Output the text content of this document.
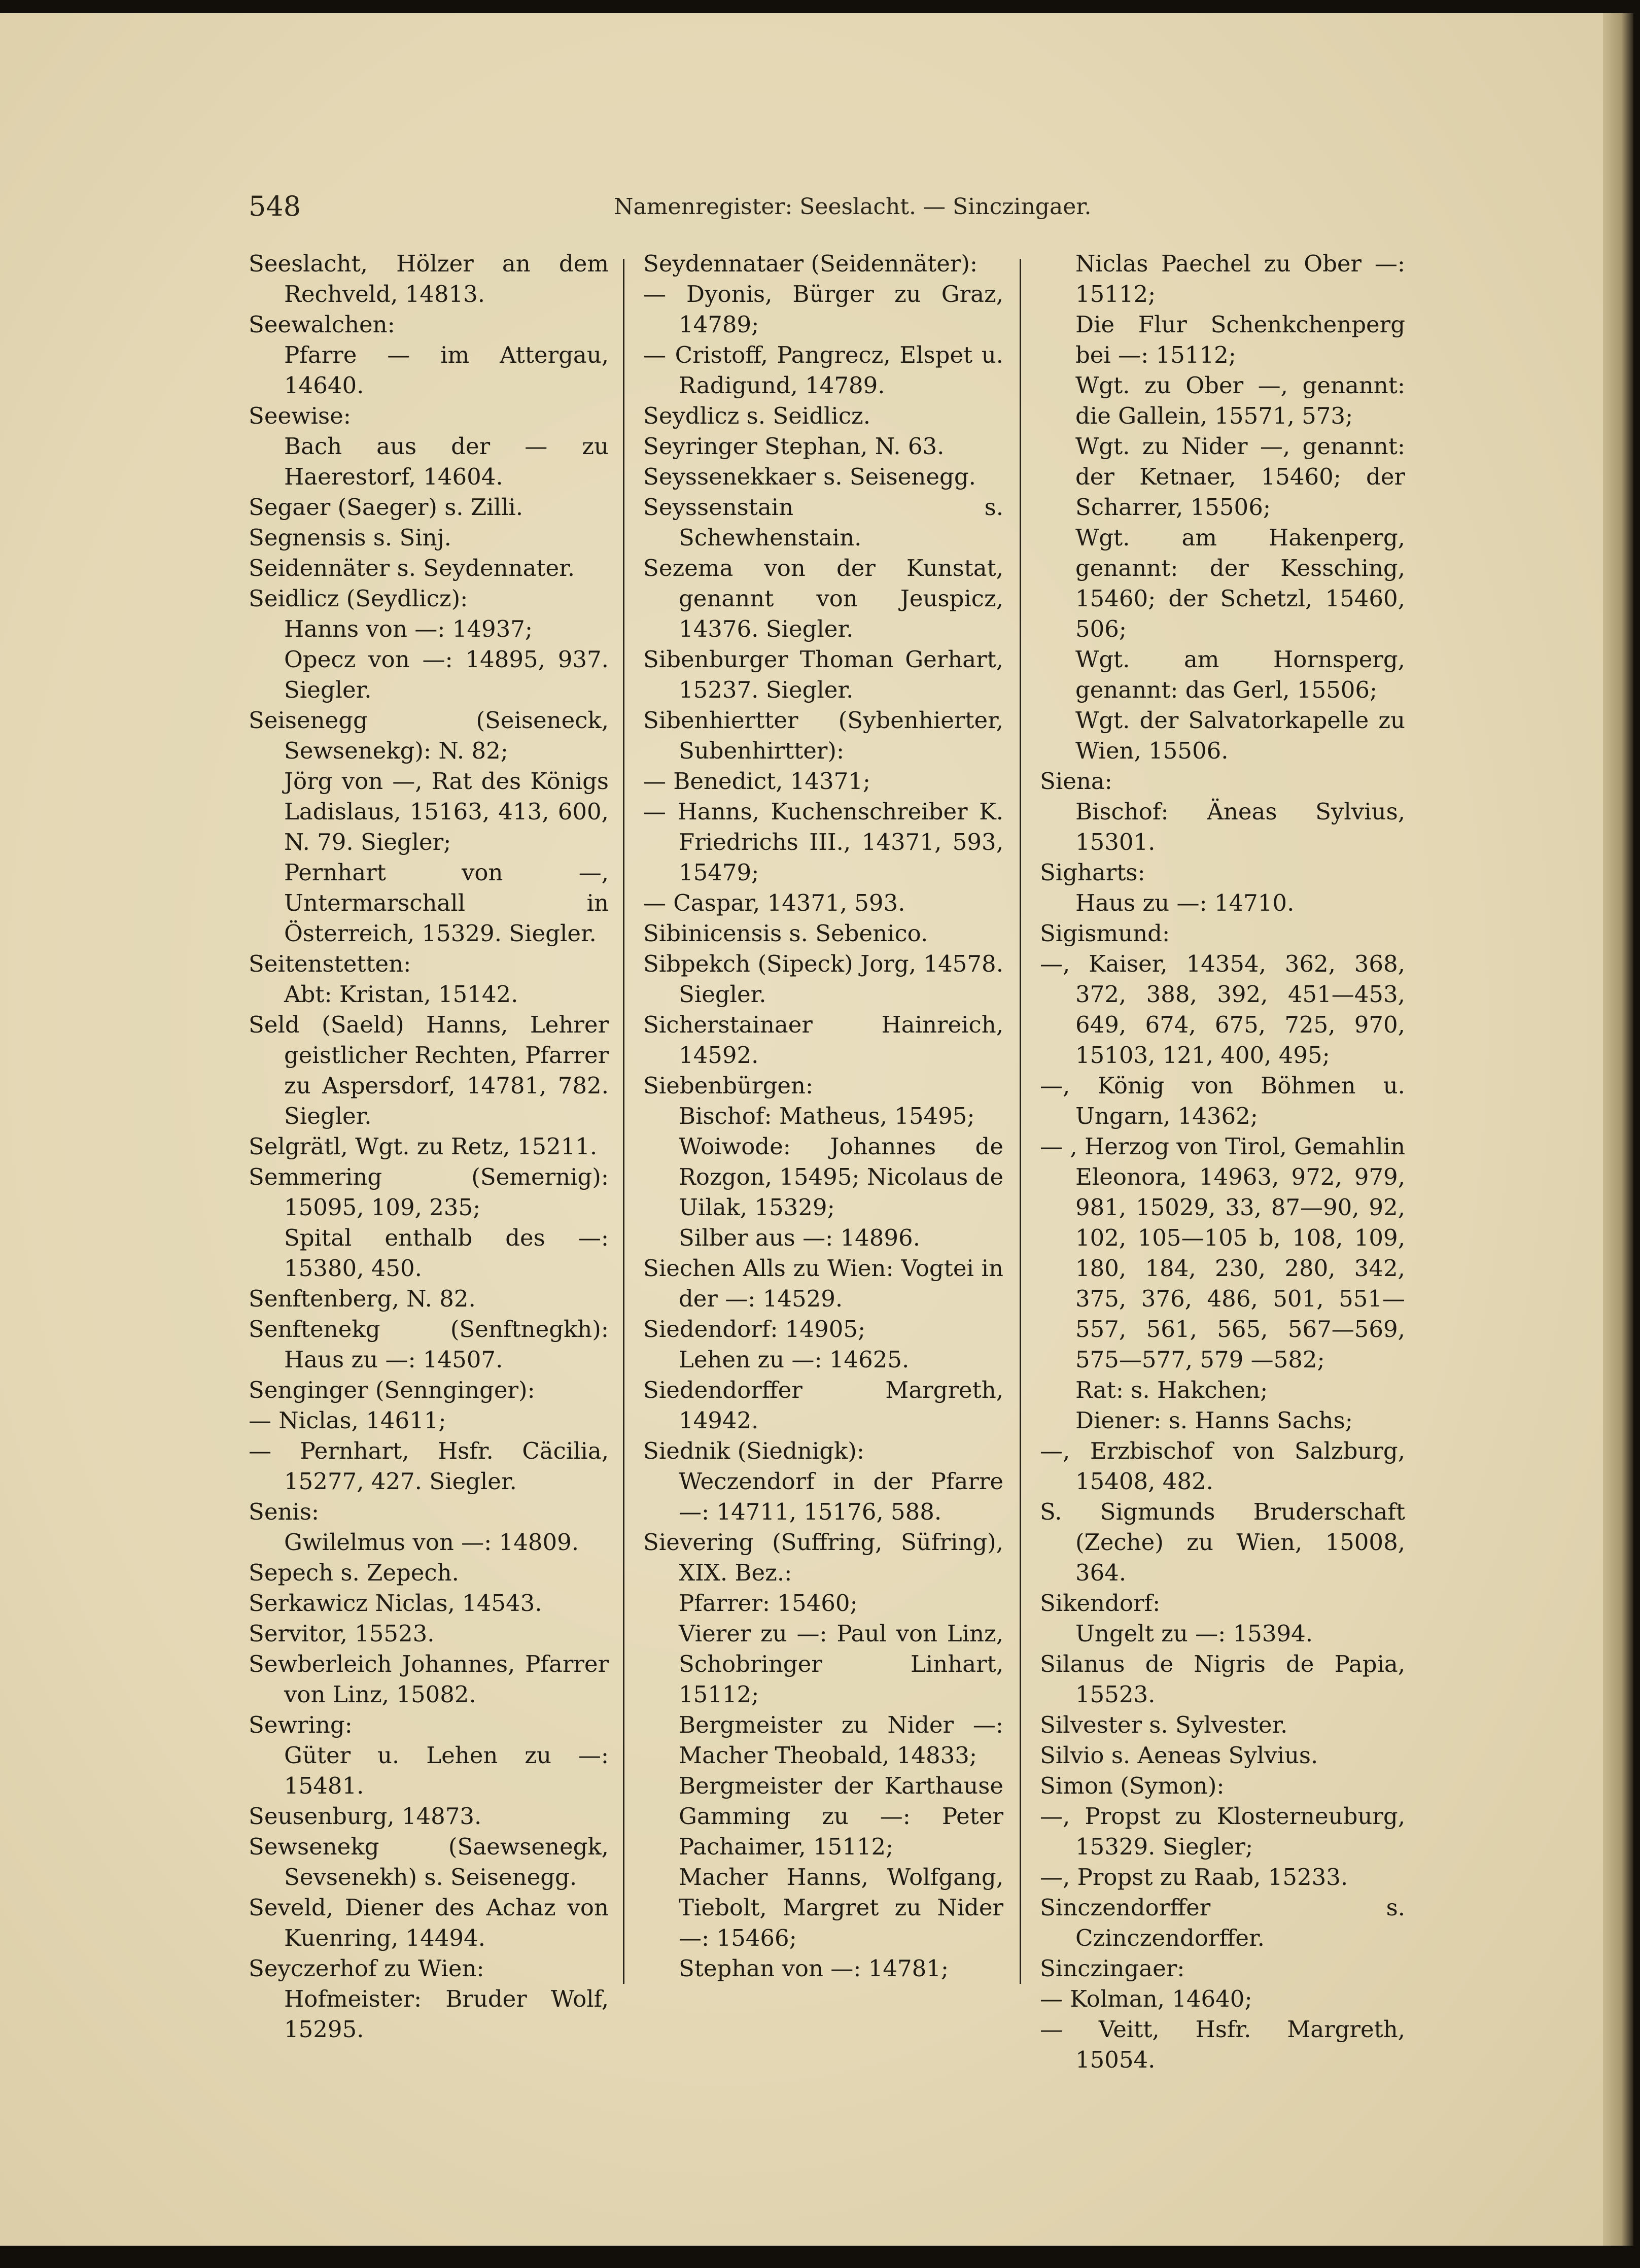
548	Namenregister: Seeslacht. — Sinczingaer.
Seeslacht, Hölzer an dem Rechveld, 14813.
Seewalchen:
Pfarre — im Attergau, 14640.
Seewise:
Bach aus der — zu Haerestorf, 14604.
Segaer (Saeger) s. Zilli.
Segnensis s. Sinj.
Seidennäter s. Seydennater.
Seidlicz (Seydlicz):
Hanns von —: 14937;
Opecz von —: 14895, 937. Siegler.
Seisenegg (Seiseneck, Sewsenekg): N. 82;
Jörg von —, Rat des Königs Ladislaus, 15163, 413, 600, N. 79. Siegler;
Pernhart von —, Untermarschall in Österreich, 15329. Siegler.
Seitenstetten:
Abt: Kristan, 15142.
Seld (Saeld) Hanns, Lehrer geistlicher Rechten, Pfarrer zu Aspersdorf, 14781, 782. Siegler.
Selgrätl, Wgt. zu Retz, 15211.
Semmering (Semernig): 15095, 109, 235;
Spital enthalb des —: 15380, 450.
Senftenberg, N. 82.
Senftenekg (Senftnegkh): Haus zu —: 14507.
Senginger (Sennginger):
— Niclas, 14611;
— Pernhart, Hsfr. Cäcilia, 15277, 427. Siegler.
Senis:
Gwilelmus von —: 14809.
Sepech s. Zepech.
Serkawicz Niclas, 14543.
Servitor, 15523.
Sewberleich Johannes, Pfarrer von Linz, 15082.
Sewring:
Güter u. Lehen zu —: 15481.
Seusenburg, 14873.
Sewsenekg (Saewsenegk, Sevsenekh) s. Seisenegg.
Seveld, Diener des Achaz von Kuenring, 14494.
Seyczerhof zu Wien:
Hofmeister: Bruder Wolf, 15295.
Seydennataer (Seidennäter):
— Dyonis, Bürger zu Graz, 14789;
— Cristoff, Pangrecz, Elspet u. Radigund, 14789.
Seydlicz s. Seidlicz.
Seyringer Stephan, N. 63.
Seyssenekkaer s. Seisenegg.
Seyssenstain s. Schewhenstain.
Sezema von der Kunstat, genannt von Jeuspicz, 14376. Siegler.
Sibenburger Thoman Gerhart, 15237. Siegler.
Sibenhiertter (Sybenhierter, Subenhirtter):
— Benedict, 14371;
— Hanns, Kuchenschreiber K. Friedrichs III., 14371, 593, 15479;
— Caspar, 14371, 593.
Sibinicensis s. Sebenico.
Sibpekch (Sipeck) Jorg, 14578. Siegler.
Sicherstainaer Hainreich, 14592.
Siebenbürgen:
Bischof: Matheus, 15495;
Woiwode: Johannes de Rozgon, 15495; Nicolaus de Uilak, 15329;
Silber aus —: 14896.
Siechen Alls zu Wien: Vogtei in der —: 14529.
Siedendorf: 14905;
Lehen zu —: 14625.
Siedendorffer Margreth, 14942.
Siednik (Siednigk):
Weczendorf in der Pfarre —: 14711, 15176, 588.
Sievering (Suffring, Süfring), XIX. Bez.:
Pfarrer: 15460;
Vierer zu —: Paul von Linz, Schobringer Linhart, 15112;
Bergmeister zu Nider —: Macher Theobald, 14833;
Bergmeister der Karthause Gamming zu —: Peter Pachaimer, 15112;
Macher Hanns, Wolfgang, Tiebolt, Margret zu Nider —: 15466;
Stephan von —: 14781;
Niclas Paechel zu Ober —: 15112;
Die Flur Schenkchenperg bei —: 15112;
Wgt. zu Ober —, genannt: die Gallein, 15571, 573;
Wgt. zu Nider —, genannt: der Ketnaer, 15460; der Scharrer, 15506;
Wgt. am Hakenperg, genannt: der Kessching, 15460; der Schetzl, 15460, 506;
Wgt. am Hornsperg, genannt: das Gerl, 15506;
Wgt. der Salvatorkapelle zu Wien, 15506.
Siena:
Bischof: Äneas Sylvius, 15301.
Sigharts:
Haus zu —: 14710.
Sigismund:
—, Kaiser, 14354, 362, 368, 372, 388, 392, 451—453, 649, 674, 675, 725, 970, 15103, 121, 400, 495;
—, König von Böhmen u. Ungarn, 14362;
— , Herzog von Tirol, Gemahlin Eleonora, 14963, 972, 979, 981, 15029, 33, 87—90, 92, 102, 105—105 b, 108, 109, 180, 184, 230, 280, 342, 375, 376, 486, 501, 551—557, 561, 565, 567—569, 575—577, 579 —582;
Rat: s. Hakchen;
Diener: s. Hanns Sachs;
—, Erzbischof von Salzburg, 15408, 482.
S. Sigmunds Bruderschaft (Zeche) zu Wien, 15008, 364.
Sikendorf:
Ungelt zu —: 15394.
Silanus de Nigris de Papia, 15523.
Silvester s. Sylvester.
Silvio s. Aeneas Sylvius.
Simon (Symon):
—, Propst zu Klosterneuburg, 15329. Siegler;
—, Propst zu Raab, 15233.
Sinczendorffer s. Czinczendorffer.
Sinczingaer:
— Kolman, 14640;
— Veitt, Hsfr. Margreth, 15054.
